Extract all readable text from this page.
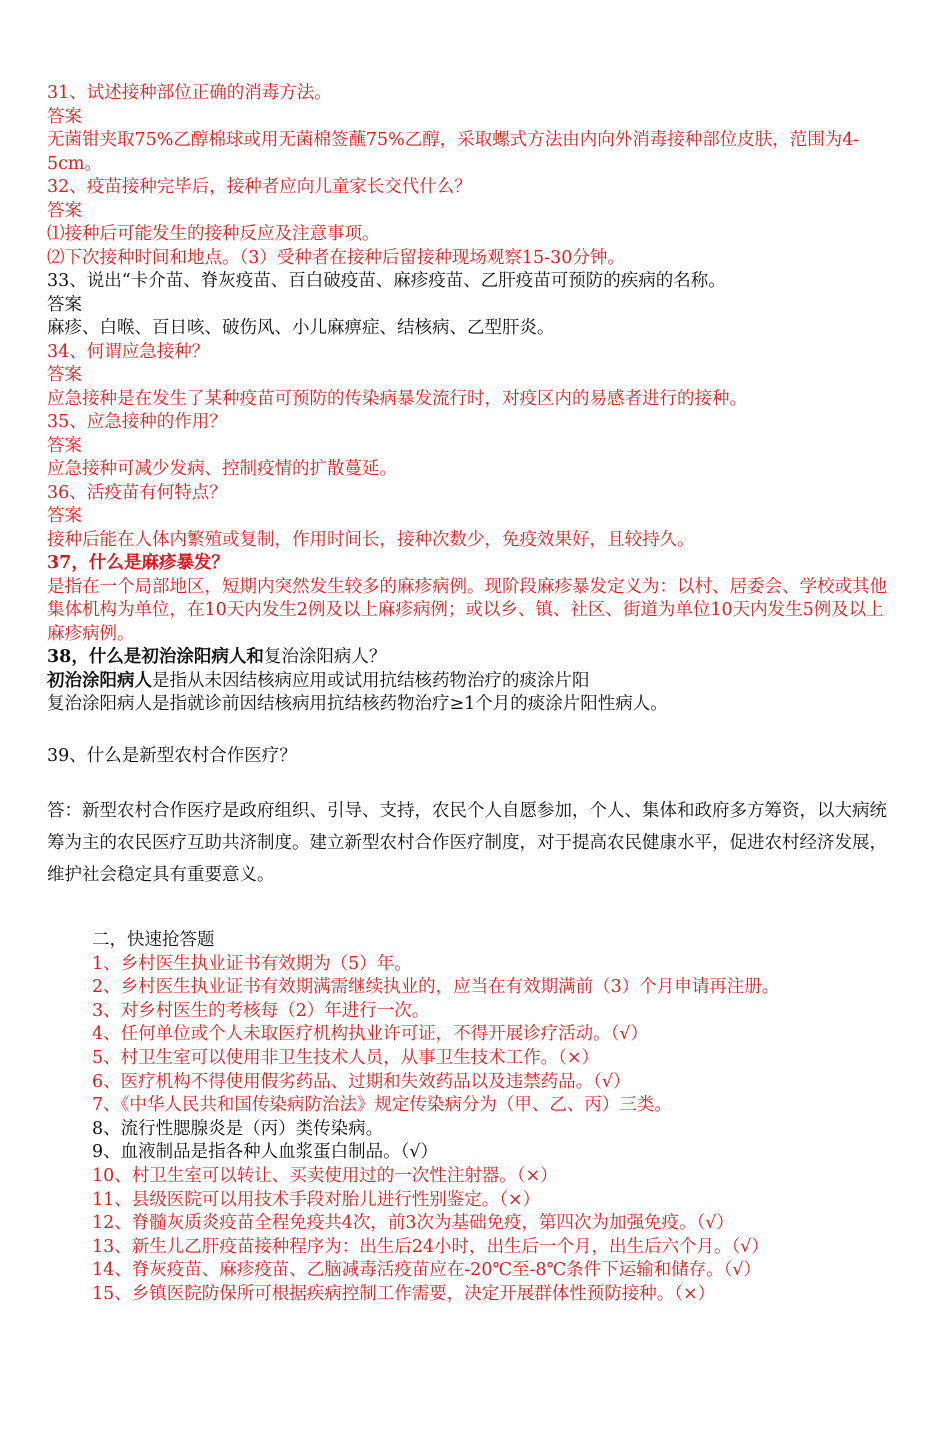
31、试述接种部位正确的消毒方法。
答案
无菌钳夹取75%乙醇棉球或用无菌棉签蘸75%乙醇，采取螺式方法由内向外消毒接种部位皮肤，范围为4-5cm。
32、疫苗接种完毕后，接种者应向儿童家长交代什么？
答案
⑴接种后可能发生的接种反应及注意事项。
⑵下次接种时间和地点。（3）受种者在接种后留接种现场观察15-30分钟。
33、说出“卡介苗、脊灰疫苗、百白破疫苗、麻疹疫苗、乙肝疫苗可预防的疾病的名称。
答案
麻疹、白喉、百日咳、破伤风、小儿麻痹症、结核病、乙型肝炎。
34、何谓应急接种？
答案
应急接种是在发生了某种疫苗可预防的传染病暴发流行时，对疫区内的易感者进行的接种。
35、应急接种的作用？
答案
应急接种可减少发病、控制疫情的扩散蔓延。
36、活疫苗有何特点？
答案
接种后能在人体内繁殖或复制，作用时间长，接种次数少，免疫效果好，且较持久。
37，什么是麻疹暴发？
是指在一个局部地区，短期内突然发生较多的麻疹病例。现阶段麻疹暴发定义为：以村、居委会、学校或其他集体机构为单位，在10天内发生2例及以上麻疹病例；或以乡、镇、社区、街道为单位10天内发生5例及以上麻疹病例。
38，什么是初治涂阳病人和复治涂阳病人？
初治涂阳病人是指从未因结核病应用或试用抗结核药物治疗的痰涂片阳
复治涂阳病人是指就诊前因结核病用抗结核药物治疗≥1个月的痰涂片阳性病人。
39、什么是新型农村合作医疗？
答：新型农村合作医疗是政府组织、引导、支持，农民个人自愿参加，个人、集体和政府多方筹资，以大病统筹为主的农民医疗互助共济制度。建立新型农村合作医疗制度，对于提高农民健康水平，促进农村经济发展，维护社会稳定具有重要意义。
二，快速抢答题
1、乡村医生执业证书有效期为（5）年。
2、乡村医生执业证书有效期满需继续执业的，应当在有效期满前（3）个月申请再注册。
3、对乡村医生的考核每（2）年进行一次。
4、任何单位或个人未取医疗机构执业许可证，不得开展诊疗活动。（√）
5、村卫生室可以使用非卫生技术人员，从事卫生技术工作。（×）
6、医疗机构不得使用假劣药品、过期和失效药品以及违禁药品。（√）
7、《中华人民共和国传染病防治法》规定传染病分为（甲、乙、丙）三类。
8、流行性腮腺炎是（丙）类传染病。
9、血液制品是指各种人血浆蛋白制品。（√）
10、村卫生室可以转让、买卖使用过的一次性注射器。（×）
11、县级医院可以用技术手段对胎儿进行性别鉴定。（×）
12、脊髓灰质炎疫苗全程免疫共4次，前3次为基础免疫，第四次为加强免疫。（√）
13、新生儿乙肝疫苗接种程序为：出生后24小时，出生后一个月，出生后六个月。（√）
14、脊灰疫苗、麻疹疫苗、乙脑减毒活疫苗应在-20℃至-8℃条件下运输和储存。（√）
15、乡镇医院防保所可根据疾病控制工作需要，决定开展群体性预防接种。（×）
